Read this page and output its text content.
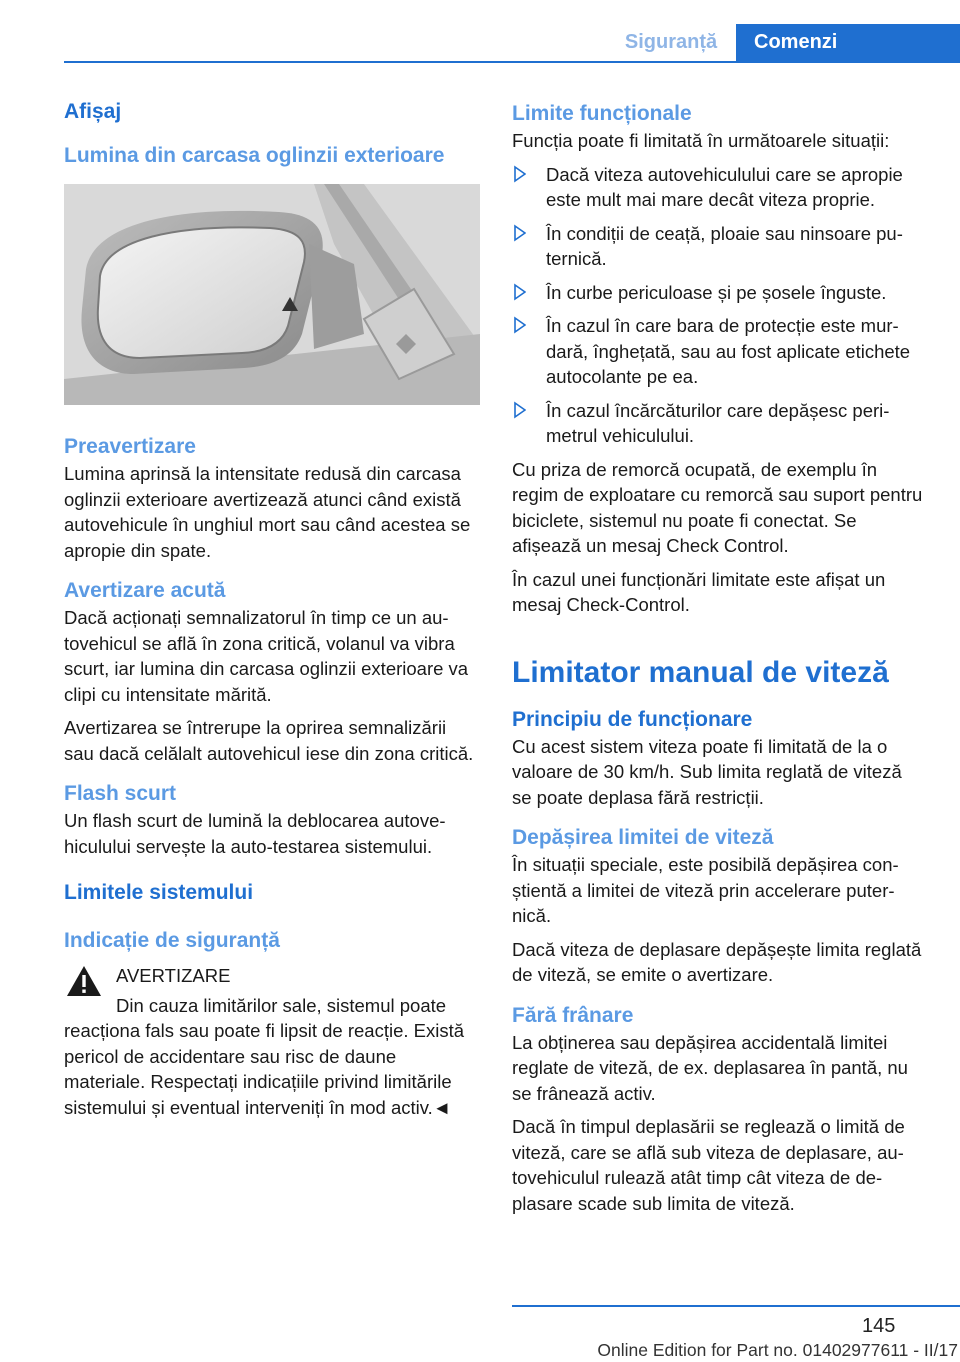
Siguranță	Comenzi
Afișaj
Lumina din carcasa oglinzii exterioare
Preavertizare

Lumina aprinsă la intensitate redusă din carcasa oglinzii exterioare avertizează atunci când există autovehicule în unghiul mort sau când acestea se apropie din spate.

Avertizare acută

Dacă acționați semnalizatorul în timp ce un autovehicul se află în zona critică, volanul va vibra scurt, iar lumina din carcasa oglinzii exterioare va clipi cu intensitate mărită.

Avertizarea se întrerupe la oprirea semnalizării sau dacă celălalt autovehicul iese din zona critică.

Flash scurt

Un flash scurt de lumină la deblocarea autovehiculului servește la auto-testarea sistemului.

Limitele sistemului
Indicație de siguranță

AVERTIZARE

Din cauza limitărilor sale, sistemul poate

reacționa fals sau poate fi lipsit de reacție. Există pericol de accidentare sau risc de daune materiale. Respectați indicațiile privind limitările sistemului și eventual interveniți în mod activ.◄

Limite funcționale

Funcția poate fi limitată în următoarele situații:

Dacă viteza autovehiculului care se apropie este mult mai mare decât viteza proprie.
În condiții de ceață, ploaie sau ninsoare puternică.
În curbe periculoase și pe șosele înguste.
În cazul în care bara de protecție este murdară, înghețată, sau au fost aplicate etichete autocolante pe ea.
În cazul încărcăturilor care depășesc perimetrul vehiculului.

Cu priza de remorcă ocupată, de exemplu în regim de exploatare cu remorcă sau suport pentru biciclete, sistemul nu poate fi conectat. Se afișează un mesaj Check Control.

În cazul unei funcționări limitate este afișat un mesaj Check-Control.

Limitator manual de viteză
Principiu de funcționare

Cu acest sistem viteza poate fi limitată de la o valoare de 30 km/h. Sub limita reglată de viteză se poate deplasa fără restricții.

Depășirea limitei de viteză

În situații speciale, este posibilă depășirea conștientă a limitei de viteză prin accelerare puternică.

Dacă viteza de deplasare depășește limita reglată de viteză, se emite o avertizare.

Fără frânare

La obținerea sau depășirea accidentală limitei reglate de viteză, de ex. deplasarea în pantă, nu se frânează activ.

Dacă în timpul deplasării se reglează o limită de viteză, care se află sub viteza de deplasare, autovehiculul rulează atât timp cât viteza de deplasare scade sub limita de viteză.

145
Online Edition for Part no. 01402977611 - II/17
